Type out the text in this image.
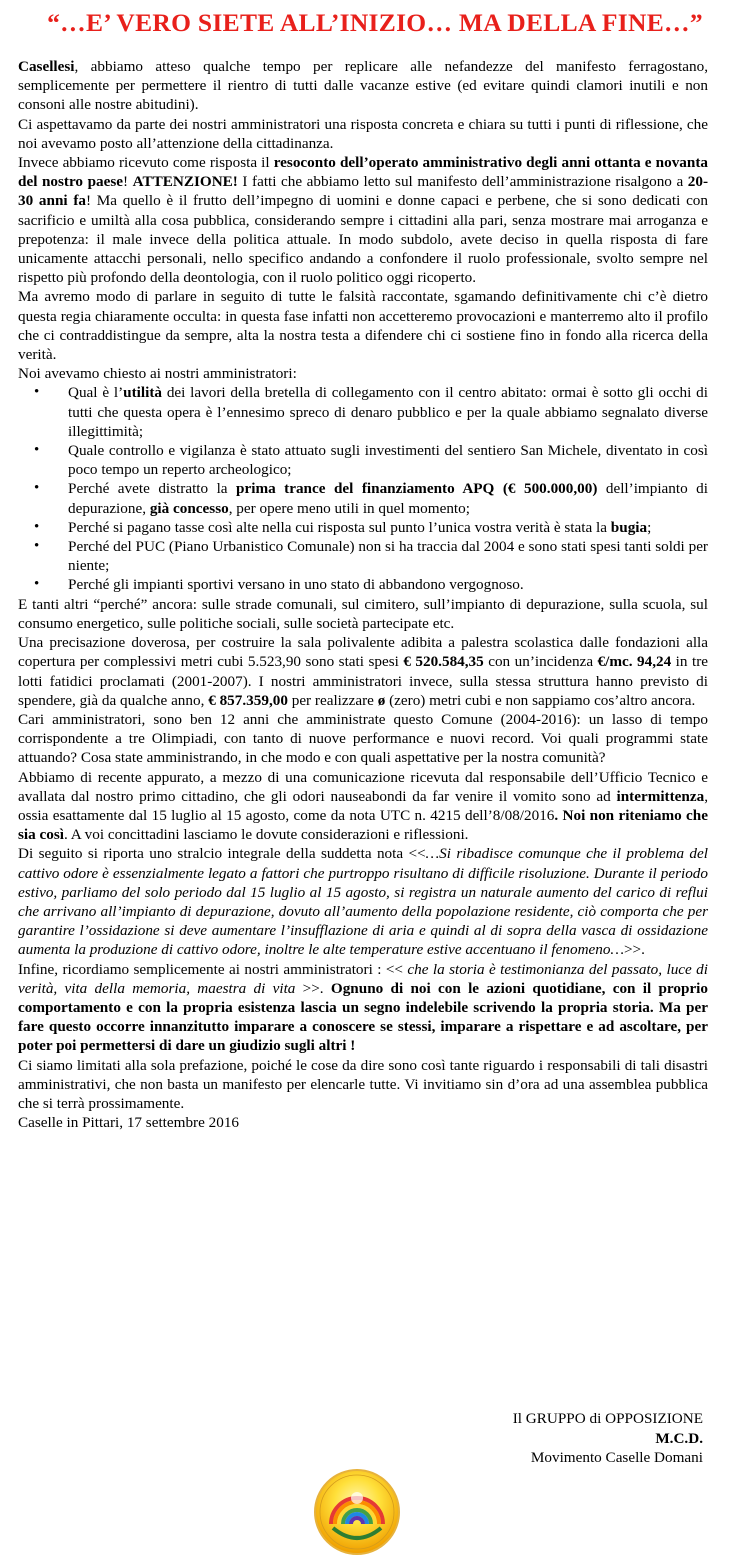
“…E’ VERO SIETE ALL’INIZIO… MA DELLA FINE…”

Casellesi, abbiamo atteso qualche tempo per replicare alle nefandezze del manifesto ferragostano, semplicemente per permettere il rientro di tutti dalle vacanze estive (ed evitare quindi clamori inutili e non consoni alle nostre abitudini).

Ci aspettavamo da parte dei nostri amministratori una risposta concreta e chiara su tutti i punti di riflessione, che noi avevamo posto all’attenzione della cittadinanza.

Invece abbiamo ricevuto come risposta il resoconto dell’operato amministrativo degli anni ottanta e novanta del nostro paese! ATTENZIONE! I fatti che abbiamo letto sul manifesto dell’amministrazione risalgono a 20-30 anni fa! Ma quello è il frutto dell’impegno di uomini e donne capaci e perbene, che si sono dedicati con sacrificio e umiltà alla cosa pubblica, considerando sempre i cittadini alla pari, senza mostrare mai arroganza e prepotenza: il male invece della politica attuale. In modo subdolo, avete deciso in quella risposta di fare unicamente attacchi personali, nello specifico andando a confondere il ruolo professionale, svolto sempre nel rispetto più profondo della deontologia, con il ruolo politico oggi ricoperto.

Ma avremo modo di parlare in seguito di tutte le falsità raccontate, sgamando definitivamente chi c’è dietro questa regia chiaramente occulta: in questa fase infatti non accetteremo provocazioni e manterremo alto il profilo che ci contraddistingue da sempre, alta la nostra testa a difendere chi ci sostiene fino in fondo alla ricerca della verità.

Noi avevamo chiesto ai nostri amministratori:

• Qual è l’utilità dei lavori della bretella di collegamento con il centro abitato: ormai è sotto gli occhi di tutti che questa opera è l’ennesimo spreco di denaro pubblico e per la quale abbiamo segnalato diverse illegittimità;
• Quale controllo e vigilanza è stato attuato sugli investimenti del sentiero San Michele, diventato in così poco tempo un reperto archeologico;
• Perché avete distratto la prima trance del finanziamento APQ (€ 500.000,00) dell’impianto di depurazione, già concesso, per opere meno utili in quel momento;
• Perché si pagano tasse così alte nella cui risposta sul punto l’unica vostra verità è stata la bugia;
• Perché del PUC (Piano Urbanistico Comunale) non si ha traccia dal 2004 e sono stati spesi tanti soldi per niente;
• Perché gli impianti sportivi versano in uno stato di abbandono vergognoso.

E tanti altri “perché” ancora: sulle strade comunali, sul cimitero, sull’impianto di depurazione, sulla scuola, sul consumo energetico, sulle politiche sociali, sulle società partecipate etc.

Una precisazione doverosa, per costruire la sala polivalente adibita a palestra scolastica dalle fondazioni alla copertura per complessivi metri cubi 5.523,90 sono stati spesi € 520.584,35 con un’incidenza €/mc. 94,24 in tre lotti fatidici proclamati (2001-2007). I nostri amministratori invece, sulla stessa struttura hanno previsto di spendere, già da qualche anno, € 857.359,00 per realizzare ø (zero) metri cubi e non sappiamo cos’altro ancora.

Cari amministratori, sono ben 12 anni che amministrate questo Comune (2004-2016): un lasso di tempo corrispondente a tre Olimpiadi, con tanto di nuove performance e nuovi record. Voi quali programmi state attuando? Cosa state amministrando, in che modo e con quali aspettative per la nostra comunità?

Abbiamo di recente appurato, a mezzo di una comunicazione ricevuta dal responsabile dell’Ufficio Tecnico e avallata dal nostro primo cittadino, che gli odori nauseabondi da far venire il vomito sono ad intermittenza, ossia esattamente dal 15 luglio al 15 agosto, come da nota UTC n. 4215 dell’8/08/2016. Noi non riteniamo che sia così. A voi concittadini lasciamo le dovute considerazioni e riflessioni.

Di seguito si riporta uno stralcio integrale della suddetta nota <<…Si ribadisce comunque che il problema del cattivo odore è essenzialmente legato a fattori che purtroppo risultano di difficile risoluzione. Durante il periodo estivo, parliamo del solo periodo dal 15 luglio al 15 agosto, si registra un naturale aumento del carico di reflui che arrivano all’impianto di depurazione, dovuto all’aumento della popolazione residente, ciò comporta che per garantire l’ossidazione si deve aumentare l’insufflazione di aria e quindi al di sopra della vasca di ossidazione aumenta la produzione di cattivo odore, inoltre le alte temperature estive accentuano il fenomeno…>>.

Infine, ricordiamo semplicemente ai nostri amministratori : << che la storia è testimonianza del passato, luce di verità, vita della memoria, maestra di vita >>. Ognuno di noi con le azioni quotidiane, con il proprio comportamento e con la propria esistenza lascia un segno indelebile scrivendo la propria storia. Ma per fare questo occorre innanzitutto imparare a conoscere se stessi, imparare a rispettare e ad ascoltare, per poter poi permettersi di dare un giudizio sugli altri !

Ci siamo limitati alla sola prefazione, poiché le cose da dire sono così tante riguardo i responsabili di tali disastri amministrativi, che non basta un manifesto per elencarle tutte. Vi invitiamo sin d’ora ad una assemblea pubblica che si terrà prossimamente.

Caselle in Pittari, 17 settembre 2016

Il GRUPPO di OPPOSIZIONE
M.C.D.
Movimento Caselle Domani
